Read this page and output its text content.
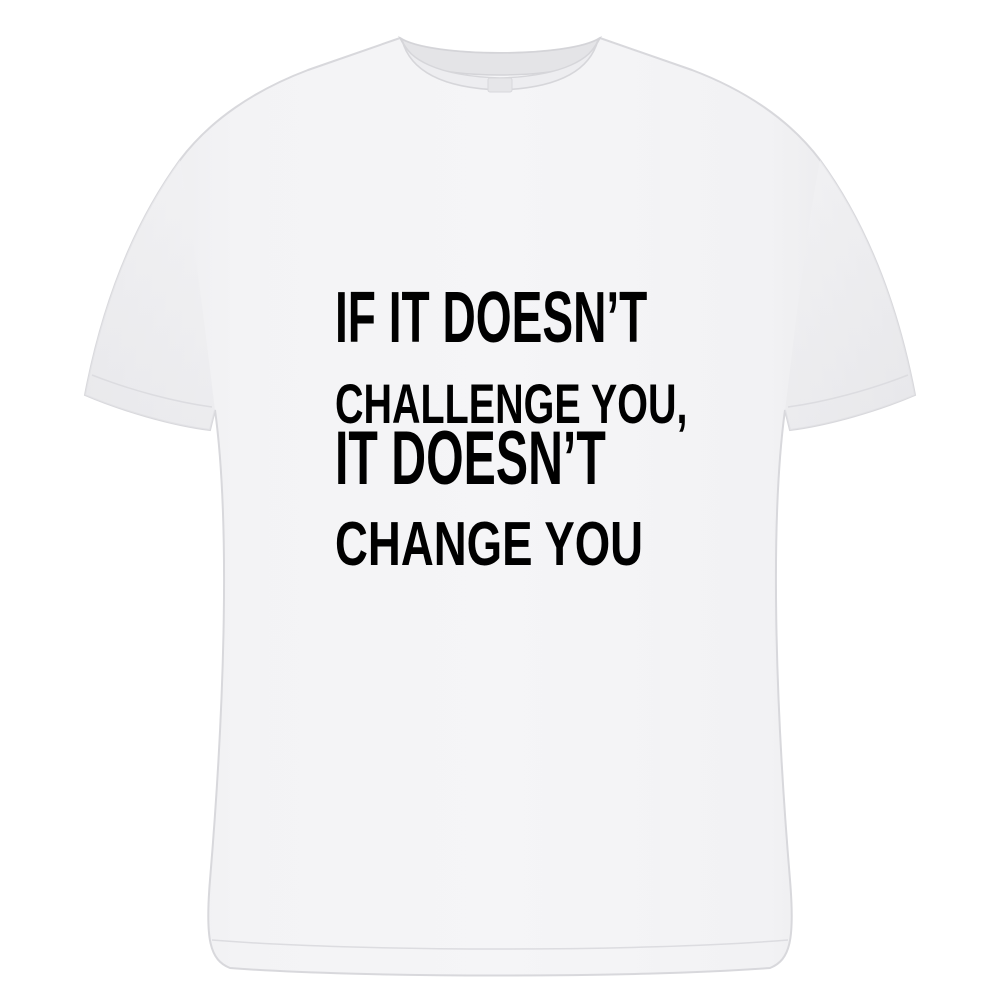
IF IT DOESN’T
CHALLENGE YOU,
IT DOESN’T
CHANGE YOU
